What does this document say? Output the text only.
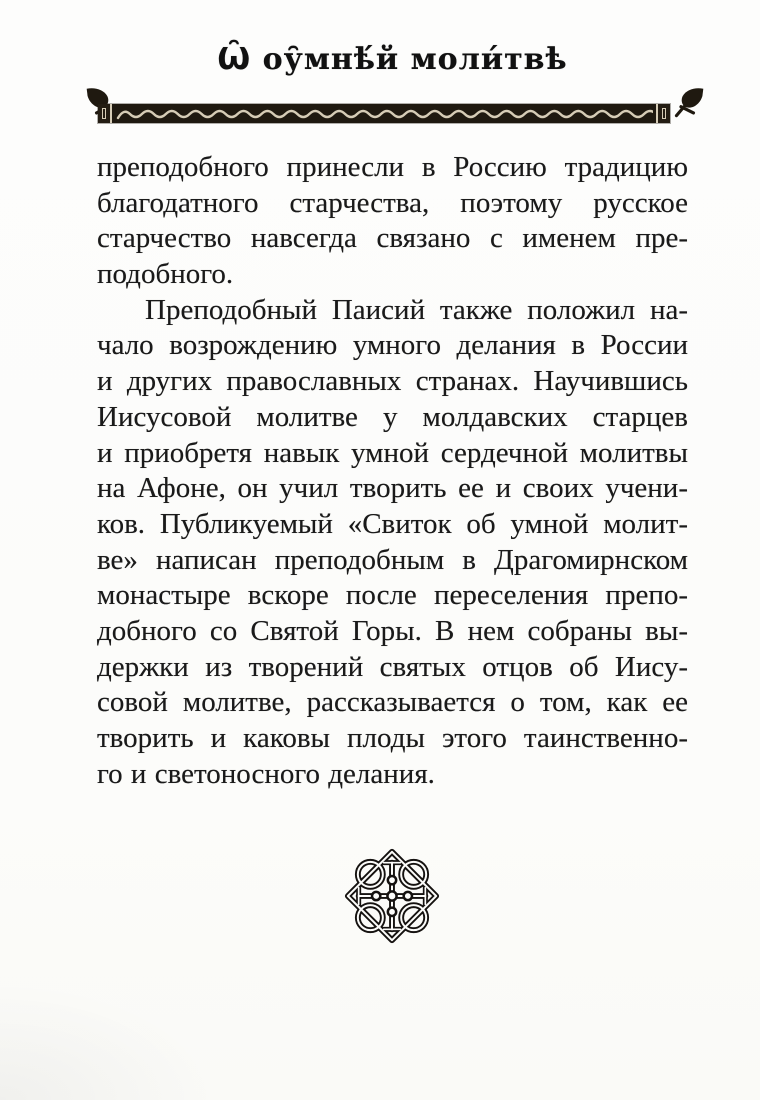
Ѡ̑ оу̑мнѣ́й моли́твѣ
преподобного принесли в Россию традицию
благодатного старчества, поэтому русское
старчество навсегда связано с именем пре-
подобного.
Преподобный Паисий также положил на-
чало возрождению умного делания в России
и других православных странах. Научившись
Иисусовой молитве у молдавских старцев
и приобретя навык умной сердечной молитвы
на Афоне, он учил творить ее и своих учени-
ков. Публикуемый «Свиток об умной молит-
ве» написан преподобным в Драгомирнском
монастыре вскоре после переселения препо-
добного со Святой Горы. В нем собраны вы-
держки из творений святых отцов об Иису-
совой молитве, рассказывается о том, как ее
творить и каковы плоды этого таинственно-
го и светоносного делания.
